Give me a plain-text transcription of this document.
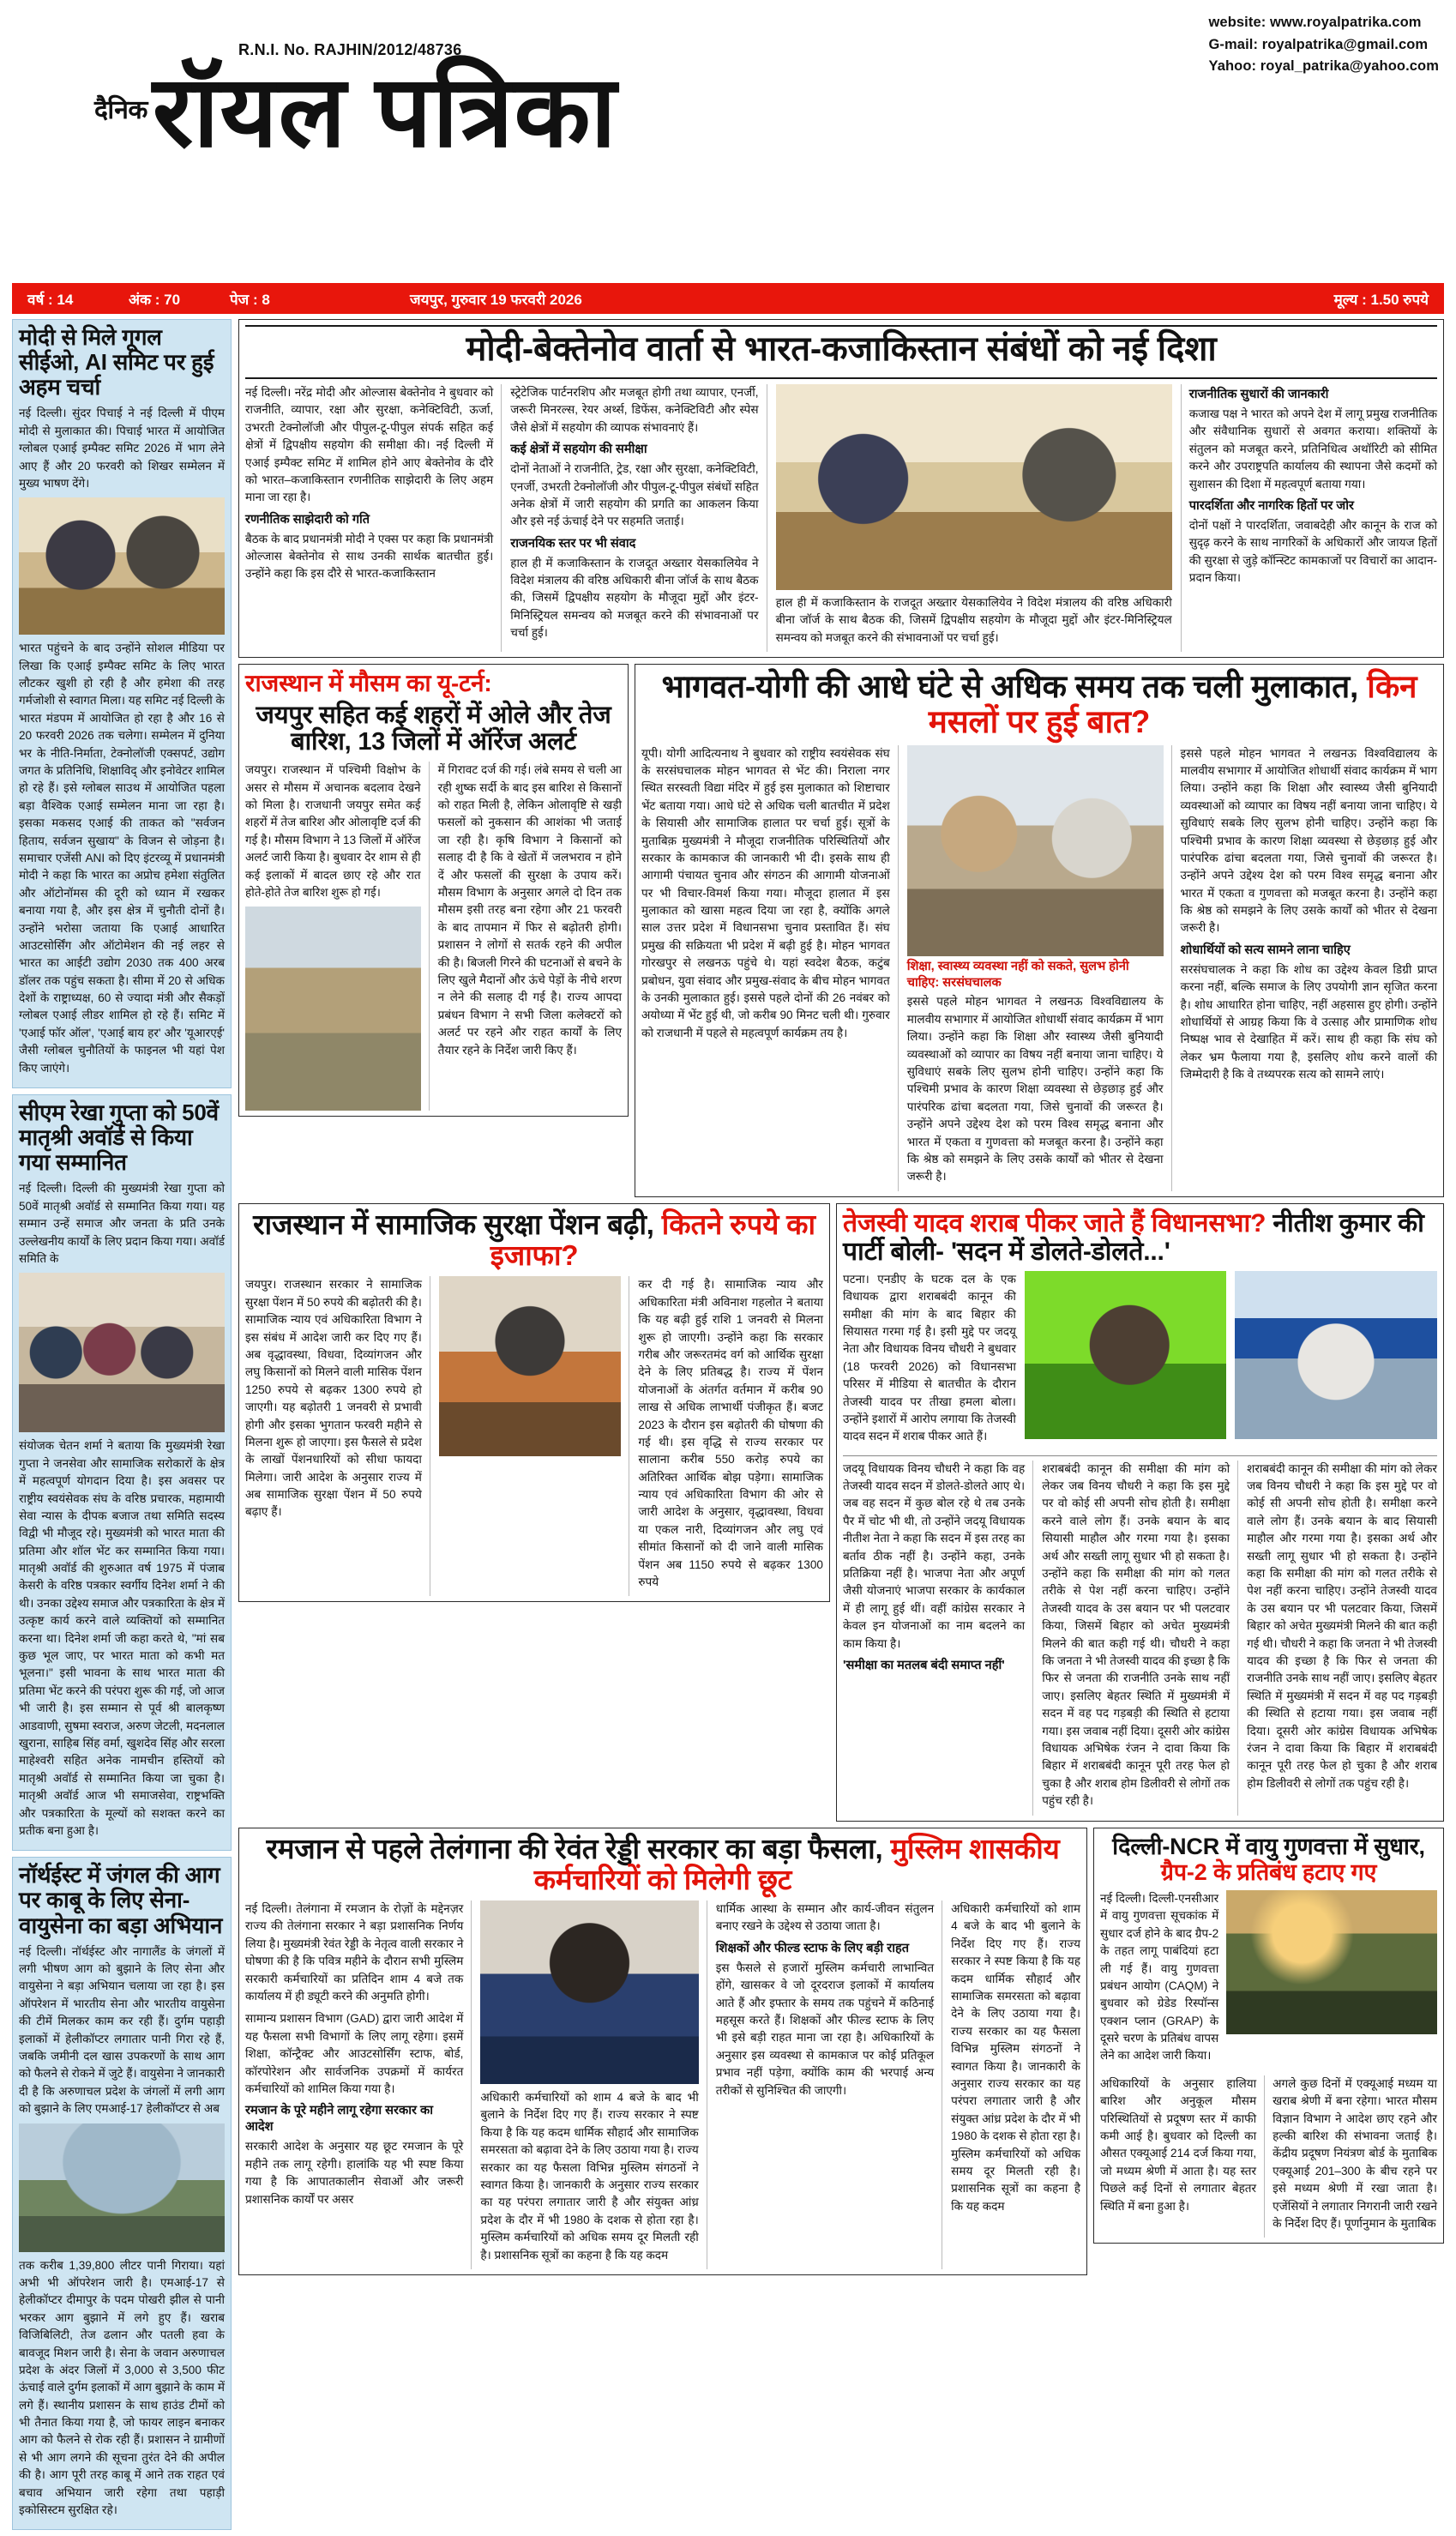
website: www.royalpatrika.com
G-mail: royalpatrika@gmail.com
Yahoo: royal_patrika@yahoo.com
R.N.I. No. RAJHIN/2012/48736
दैनिक रॉयल पत्रिका
वर्ष : 14	अंक : 70	पेज : 8	जयपुर, गुरुवार 19 फरवरी 2026	मूल्य : 1.50 रुपये
मोदी से मिले गूगल सीईओ, AI समिट पर हुई अहम चर्चा

नई दिल्ली। सुंदर पिचाई ने नई दिल्ली में पीएम मोदी से मुलाकात की। पिचाई भारत में आयोजित ग्लोबल एआई इम्पैक्ट समिट 2026 में भाग लेने आए हैं और 20 फरवरी को शिखर सम्मेलन में मुख्य भाषण देंगे।

भारत पहुंचने के बाद उन्होंने सोशल मीडिया पर लिखा कि एआई इम्पैक्ट समिट के लिए भारत लौटकर खुशी हो रही है और हमेशा की तरह गर्मजोशी से स्वागत मिला। यह समिट नई दिल्ली के भारत मंडपम में आयोजित हो रहा है और 16 से 20 फरवरी 2026 तक चलेगा। सम्मेलन में दुनिया भर के नीति-निर्माता, टेक्नोलॉजी एक्सपर्ट, उद्योग जगत के प्रतिनिधि, शिक्षाविद् और इनोवेटर शामिल हो रहे हैं। इसे ग्लोबल साउथ में आयोजित पहला बड़ा वैश्विक एआई सम्मेलन माना जा रहा है। इसका मकसद एआई की ताकत को "सर्वजन हिताय, सर्वजन सुखाय" के विजन से जोड़ना है। समाचार एजेंसी ANI को दिए इंटरव्यू में प्रधानमंत्री मोदी ने कहा कि भारत का अप्रोच हमेशा संतुलित और ऑटोनॉमस की दूरी को ध्यान में रखकर बनाया गया है, और इस क्षेत्र में चुनौती दोनों है। उन्होंने भरोसा जताया कि एआई आधारित आउटसोर्सिंग और ऑटोमेशन की नई लहर से भारत का आईटी उद्योग 2030 तक 400 अरब डॉलर तक पहुंच सकता है। सीमा में 20 से अधिक देशों के राष्ट्राध्यक्ष, 60 से ज्यादा मंत्री और सैकड़ों ग्लोबल एआई लीडर शामिल हो रहे हैं। समिट में 'एआई फॉर ऑल', 'एआई बाय हर' और 'यूआरएई' जैसी ग्लोबल चुनौतियों के फाइनल भी यहां पेश किए जाएंगे।

सीएम रेखा गुप्ता को 50वें मातृश्री अवॉर्ड से किया गया सम्मानित

नई दिल्ली। दिल्ली की मुख्यमंत्री रेखा गुप्ता को 50वें मातृश्री अवॉर्ड से सम्मानित किया गया। यह सम्मान उन्हें समाज और जनता के प्रति उनके उल्लेखनीय कार्यों के लिए प्रदान किया गया। अवॉर्ड समिति के

संयोजक चेतन शर्मा ने बताया कि मुख्यमंत्री रेखा गुप्ता ने जनसेवा और सामाजिक सरोकारों के क्षेत्र में महत्वपूर्ण योगदान दिया है। इस अवसर पर राष्ट्रीय स्वयंसेवक संघ के वरिष्ठ प्रचारक, महामायी सेवा न्यास के दीपक बजाज तथा समिति सदस्य विद्वी भी मौजूद रहे। मुख्यमंत्री को भारत माता की प्रतिमा और शॉल भेंट कर सम्मानित किया गया। मातृश्री अवॉर्ड की शुरुआत वर्ष 1975 में पंजाब केसरी के वरिष्ठ पत्रकार स्वर्गीय दिनेश शर्मा ने की थी। उनका उद्देश्य समाज और पत्रकारिता के क्षेत्र में उत्कृष्ट कार्य करने वाले व्यक्तियों को सम्मानित करना था। दिनेश शर्मा जी कहा करते थे, "मां सब कुछ भूल जाए, पर भारत माता को कभी मत भूलना।" इसी भावना के साथ भारत माता की प्रतिमा भेंट करने की परंपरा शुरू की गई, जो आज भी जारी है। इस सम्मान से पूर्व श्री बालकृष्ण आडवाणी, सुषमा स्वराज, अरुण जेटली, मदनलाल खुराना, साहिब सिंह वर्मा, खुशदेव सिंह और सरला माहेश्वरी सहित अनेक नामचीन हस्तियों को मातृश्री अवॉर्ड से सम्मानित किया जा चुका है। मातृश्री अवॉर्ड आज भी समाजसेवा, राष्ट्रभक्ति और पत्रकारिता के मूल्यों को सशक्त करने का प्रतीक बना हुआ है।

नॉर्थईस्ट में जंगल की आग पर काबू के लिए सेना-वायुसेना का बड़ा अभियान

नई दिल्ली। नॉर्थईस्ट और नागालैंड के जंगलों में लगी भीषण आग को बुझाने के लिए सेना और वायुसेना ने बड़ा अभियान चलाया जा रहा है। इस ऑपरेशन में भारतीय सेना और भारतीय वायुसेना की टीमें मिलकर काम कर रही हैं। दुर्गम पहाड़ी इलाकों में हेलीकॉप्टर लगातार पानी गिरा रहे हैं, जबकि जमीनी दल खास उपकरणों के साथ आग को फैलने से रोकने में जुटे हैं। वायुसेना ने जानकारी दी है कि अरुणाचल प्रदेश के जंगलों में लगी आग को बुझाने के लिए एमआई-17 हेलीकॉप्टर से अब

तक करीब 1,39,800 लीटर पानी गिराया। यहां अभी भी ऑपरेशन जारी है। एमआई-17 से हेलीकॉप्टर दीमापुर के पदम पोखरी झील से पानी भरकर आग बुझाने में लगे हुए हैं। खराब विजिबिलिटी, तेज ढलान और पतली हवा के बावजूद मिशन जारी है। सेना के जवान अरुणाचल प्रदेश के अंदर जिलों में 3,000 से 3,500 फीट ऊंचाई वाले दुर्गम इलाकों में आग बुझाने के काम में लगे हैं। स्थानीय प्रशासन के साथ हाउंड टीमों को भी तैनात किया गया है, जो फायर लाइन बनाकर आग को फैलने से रोक रही हैं। प्रशासन ने ग्रामीणों से भी आग लगने की सूचना तुरंत देने की अपील की है। आग पूरी तरह काबू में आने तक राहत एवं बचाव अभियान जारी रहेगा तथा पहाड़ी इकोसिस्टम सुरक्षित रहे।

मोदी-बेक्तेनोव वार्ता से भारत-कजाकिस्तान संबंधों को नई दिशा

नई दिल्ली। नरेंद्र मोदी और ओल्जास बेक्तेनोव ने बुधवार को राजनीति, व्यापार, रक्षा और सुरक्षा, कनेक्टिविटी, ऊर्जा, उभरती टेक्नोलॉजी और पीपुल-टू-पीपुल संपर्क सहित कई क्षेत्रों में द्विपक्षीय सहयोग की समीक्षा की। नई दिल्ली में एआई इम्पैक्ट समिट में शामिल होने आए बेक्तेनोव के दौरे को भारत–कजाकिस्तान रणनीतिक साझेदारी के लिए अहम माना जा रहा है।

रणनीतिक साझेदारी को गति

बैठक के बाद प्रधानमंत्री मोदी ने एक्स पर कहा कि प्रधानमंत्री ओल्जास बेक्तेनोव से साथ उनकी सार्थक बातचीत हुई। उन्होंने कहा कि इस दौरे से भारत-कजाकिस्तान

स्ट्रेटेजिक पार्टनरशिप और मजबूत होगी तथा व्यापार, एनर्जी, जरूरी मिनरल्स, रेयर अर्थ्स, डिफेंस, कनेक्टिविटी और स्पेस जैसे क्षेत्रों में सहयोग की व्यापक संभावनाएं हैं।

कई क्षेत्रों में सहयोग की समीक्षा

दोनों नेताओं ने राजनीति, ट्रेड, रक्षा और सुरक्षा, कनेक्टिविटी, एनर्जी, उभरती टेक्नोलॉजी और पीपुल-टू-पीपुल संबंधों सहित अनेक क्षेत्रों में जारी सहयोग की प्रगति का आकलन किया और इसे नई ऊंचाई देने पर सहमति जताई।

राजनयिक स्तर पर भी संवाद

हाल ही में कजाकिस्तान के राजदूत अख्तार येसकालियेव ने विदेश मंत्रालय की वरिष्ठ अधिकारी बीना जॉर्ज के साथ बैठक की, जिसमें द्विपक्षीय सहयोग के मौजूदा मुद्दों और इंटर-मिनिस्ट्रियल समन्वय को मजबूत करने की संभावनाओं पर चर्चा हुई।

हाल ही में कजाकिस्तान के राजदूत अख्तार येसकालियेव ने विदेश मंत्रालय की वरिष्ठ अधिकारी बीना जॉर्ज के साथ बैठक की, जिसमें द्विपक्षीय सहयोग के मौजूदा मुद्दों और इंटर-मिनिस्ट्रियल समन्वय को मजबूत करने की संभावनाओं पर चर्चा हुई।

राजनीतिक सुधारों की जानकारी

कजाख पक्ष ने भारत को अपने देश में लागू प्रमुख राजनीतिक और संवैधानिक सुधारों से अवगत कराया। शक्तियों के संतुलन को मजबूत करने, प्रतिनिधित्व अथॉरिटी को सीमित करने और उपराष्ट्रपति कार्यालय की स्थापना जैसे कदमों को सुशासन की दिशा में महत्वपूर्ण बताया गया।

पारदर्शिता और नागरिक हितों पर जोर

दोनों पक्षों ने पारदर्शिता, जवाबदेही और कानून के राज को सुदृढ़ करने के साथ नागरिकों के अधिकारों और जायज हितों की सुरक्षा से जुड़े कॉन्स्टिट कामकाजों पर विचारों का आदान-प्रदान किया।

राजस्थान में मौसम का यू-टर्न:
जयपुर सहित कई शहरों में ओले और तेज बारिश, 13 जिलों में ऑरेंज अलर्ट

जयपुर। राजस्थान में पश्चिमी विक्षोभ के असर से मौसम में अचानक बदलाव देखने को मिला है। राजधानी जयपुर समेत कई शहरों में तेज बारिश और ओलावृष्टि दर्ज की गई है। मौसम विभाग ने 13 जिलों में ऑरेंज अलर्ट जारी किया है। बुधवार देर शाम से ही कई इलाकों में बादल छाए रहे और रात होते-होते तेज बारिश शुरू हो गई।

में गिरावट दर्ज की गई। लंबे समय से चली आ रही शुष्क सर्दी के बाद इस बारिश से किसानों को राहत मिली है, लेकिन ओलावृष्टि से खड़ी फसलों को नुकसान की आशंका भी जताई जा रही है। कृषि विभाग ने किसानों को सलाह दी है कि वे खेतों में जलभराव न होने दें और फसलों की सुरक्षा के उपाय करें। मौसम विभाग के अनुसार अगले दो दिन तक मौसम इसी तरह बना रहेगा और 21 फरवरी के बाद तापमान में फिर से बढ़ोतरी होगी। प्रशासन ने लोगों से सतर्क रहने की अपील की है। बिजली गिरने की घटनाओं से बचने के लिए खुले मैदानों और ऊंचे पेड़ों के नीचे शरण न लेने की सलाह दी गई है। राज्य आपदा प्रबंधन विभाग ने सभी जिला कलेक्टरों को अलर्ट पर रहने और राहत कार्यों के लिए तैयार रहने के निर्देश जारी किए हैं।

भागवत-योगी की आधे घंटे से अधिक समय तक चली मुलाकात, किन मसलों पर हुई बात?

यूपी। योगी आदित्यनाथ ने बुधवार को राष्ट्रीय स्वयंसेवक संघ के सरसंघचालक मोहन भागवत से भेंट की। निराला नगर स्थित सरस्वती विद्या मंदिर में हुई इस मुलाकात को शिष्टाचार भेंट बताया गया। आधे घंटे से अधिक चली बातचीत में प्रदेश के सियासी और सामाजिक हालात पर चर्चा हुई। सूत्रों के मुताबिक़ मुख्यमंत्री ने मौजूदा राजनीतिक परिस्थितियों और सरकार के कामकाज की जानकारी भी दी। इसके साथ ही आगामी पंचायत चुनाव और संगठन की आगामी योजनाओं पर भी विचार-विमर्श किया गया। मौजूदा हालात में इस मुलाकात को खासा महत्व दिया जा रहा है, क्योंकि अगले साल उत्तर प्रदेश में विधानसभा चुनाव प्रस्तावित हैं। संघ प्रमुख की सक्रियता भी प्रदेश में बढ़ी हुई है। मोहन भागवत गोरखपुर से लखनऊ पहुंचे थे। यहां स्वदेश बैठक, कटुंब प्रबोधन, युवा संवाद और प्रमुख-संवाद के बीच मोहन भागवत के उनकी मुलाकात हुई। इससे पहले दोनों की 26 नवंबर को अयोध्या में भेंट हुई थी, जो करीब 90 मिनट चली थी। गुरुवार को राजधानी में पहले से महत्वपूर्ण कार्यक्रम तय है।

शिक्षा, स्वास्थ्य व्यवस्था नहीं को सकते, सुलभ होनी चाहिए: सरसंघचालक

इससे पहले मोहन भागवत ने लखनऊ विश्वविद्यालय के मालवीय सभागार में आयोजित शोधार्थी संवाद कार्यक्रम में भाग लिया। उन्होंने कहा कि शिक्षा और स्वास्थ्य जैसी बुनियादी व्यवस्थाओं को व्यापार का विषय नहीं बनाया जाना चाहिए। ये सुविधाएं सबके लिए सुलभ होनी चाहिए। उन्होंने कहा कि पश्चिमी प्रभाव के कारण शिक्षा व्यवस्था से छेड़छाड़ हुई और पारंपरिक ढांचा बदलता गया, जिसे चुनावों की जरूरत है। उन्होंने अपने उद्देश्य देश को परम विश्व समृद्ध बनाना और भारत में एकता व गुणवत्ता को मजबूत करना है। उन्होंने कहा कि श्रेष्ठ को समझने के लिए उसके कार्यों को भीतर से देखना जरूरी है।

इससे पहले मोहन भागवत ने लखनऊ विश्वविद्यालय के मालवीय सभागार में आयोजित शोधार्थी संवाद कार्यक्रम में भाग लिया। उन्होंने कहा कि शिक्षा और स्वास्थ्य जैसी बुनियादी व्यवस्थाओं को व्यापार का विषय नहीं बनाया जाना चाहिए। ये सुविधाएं सबके लिए सुलभ होनी चाहिए। उन्होंने कहा कि पश्चिमी प्रभाव के कारण शिक्षा व्यवस्था से छेड़छाड़ हुई और पारंपरिक ढांचा बदलता गया, जिसे चुनावों की जरूरत है। उन्होंने अपने उद्देश्य देश को परम विश्व समृद्ध बनाना और भारत में एकता व गुणवत्ता को मजबूत करना है। उन्होंने कहा कि श्रेष्ठ को समझने के लिए उसके कार्यों को भीतर से देखना जरूरी है।

शोधार्थियों को सत्य सामने लाना चाहिए

सरसंघचालक ने कहा कि शोध का उद्देश्य केवल डिग्री प्राप्त करना नहीं, बल्कि समाज के लिए उपयोगी ज्ञान सृजित करना है। शोध आधारित होना चाहिए, नहीं अहसास हुए होगी। उन्होंने शोधार्थियों से आग्रह किया कि वे उत्साह और प्रामाणिक शोध निष्पक्ष भाव से देखाहित में करें। साथ ही कहा कि संघ को लेकर भ्रम फैलाया गया है, इसलिए शोध करने वालों की जिम्मेदारी है कि वे तथ्यपरक सत्य को सामने लाएं।

राजस्थान में सामाजिक सुरक्षा पेंशन बढ़ी, कितने रुपये का इजाफा?

जयपुर। राजस्थान सरकार ने सामाजिक सुरक्षा पेंशन में 50 रुपये की बढ़ोतरी की है। सामाजिक न्याय एवं अधिकारिता विभाग ने इस संबंध में आदेश जारी कर दिए गए हैं। अब वृद्धावस्था, विधवा, दिव्यांगजन और लघु किसानों को मिलने वाली मासिक पेंशन 1250 रुपये से बढ़कर 1300 रुपये हो जाएगी। यह बढ़ोतरी 1 जनवरी से प्रभावी होगी और इसका भुगतान फरवरी महीने से मिलना शुरू हो जाएगा। इस फैसले से प्रदेश के लाखों पेंशनधारियों को सीधा फायदा मिलेगा। जारी आदेश के अनुसार राज्य में अब सामाजिक सुरक्षा पेंशन में 50 रुपये बढ़ाए हैं।

कर दी गई है। सामाजिक न्याय और अधिकारिता मंत्री अविनाश गहलोत ने बताया कि यह बढ़ी हुई राशि 1 जनवरी से मिलना शुरू हो जाएगी। उन्होंने कहा कि सरकार गरीब और जरूरतमंद वर्ग को आर्थिक सुरक्षा देने के लिए प्रतिबद्ध है। राज्य में पेंशन योजनाओं के अंतर्गत वर्तमान में करीब 90 लाख से अधिक लाभार्थी पंजीकृत हैं। बजट 2023 के दौरान इस बढ़ोतरी की घोषणा की गई थी। इस वृद्धि से राज्य सरकार पर सालाना करीब 550 करोड़ रुपये का अतिरिक्त आर्थिक बोझ पड़ेगा। सामाजिक न्याय एवं अधिकारिता विभाग की ओर से जारी आदेश के अनुसार, वृद्धावस्था, विधवा या एकल नारी, दिव्यांगजन और लघु एवं सीमांत किसानों को दी जाने वाली मासिक पेंशन अब 1150 रुपये से बढ़कर 1300 रुपये

तेजस्वी यादव शराब पीकर जाते हैं विधानसभा? नीतीश कुमार की पार्टी बोली- 'सदन में डोलते-डोलते...'

पटना। एनडीए के घटक दल के एक विधायक द्वारा शराबबंदी कानून की समीक्षा की मांग के बाद बिहार की सियासत गरमा गई है। इसी मुद्दे पर जदयू नेता और विधायक विनय चौधरी ने बुधवार (18 फरवरी 2026) को विधानसभा परिसर में मीडिया से बातचीत के दौरान तेजस्वी यादव पर तीखा हमला बोला। उन्होंने इशारों में आरोप लगाया कि तेजस्वी यादव सदन में शराब पीकर आते हैं।

जदयू विधायक विनय चौधरी ने कहा कि वह तेजस्वी यादव सदन में डोलते-डोलते आए थे। जब वह सदन में कुछ बोल रहे थे तब उनके पैर में चोट भी थी, तो उन्होंने जदयू विधायक नीतीश नेता ने कहा कि सदन में इस तरह का बर्ताव ठीक नहीं है। उन्होंने कहा, उनके प्रतिक्रिया नहीं है। भाजपा नेता और अपूर्ण जैसी योजनाएं भाजपा सरकार के कार्यकाल में ही लागू हुई थीं। वहीं कांग्रेस सरकार ने केवल इन योजनाओं का नाम बदलने का काम किया है।

'समीक्षा का मतलब बंदी समाप्त नहीं'

शराबबंदी कानून की समीक्षा की मांग को लेकर जब विनय चौधरी ने कहा कि इस मुद्दे पर वो कोई सी अपनी सोच होती है। समीक्षा करने वाले लोग हैं। उनके बयान के बाद सियासी माहौल और गरमा गया है। इसका अर्थ और सख्ती लागू सुधार भी हो सकता है। उन्होंने कहा कि समीक्षा की मांग को गलत तरीके से पेश नहीं करना चाहिए। उन्होंने तेजस्वी यादव के उस बयान पर भी पलटवार किया, जिसमें बिहार को अचेत मुख्यमंत्री मिलने की बात कही गई थी। चौधरी ने कहा कि जनता ने भी तेजस्वी यादव की इच्छा है कि फिर से जनता की राजनीति उनके साथ नहीं जाए। इसलिए बेहतर स्थिति में मुख्यमंत्री में सदन में वह पद गड़बड़ी की स्थिति से हटाया गया। इस जवाब नहीं दिया। दूसरी ओर कांग्रेस विधायक अभिषेक रंजन ने दावा किया कि बिहार में शराबबंदी कानून पूरी तरह फेल हो चुका है और शराब होम डिलीवरी से लोगों तक पहुंच रही है।

शराबबंदी कानून की समीक्षा की मांग को लेकर जब विनय चौधरी ने कहा कि इस मुद्दे पर वो कोई सी अपनी सोच होती है। समीक्षा करने वाले लोग हैं। उनके बयान के बाद सियासी माहौल और गरमा गया है। इसका अर्थ और सख्ती लागू सुधार भी हो सकता है। उन्होंने कहा कि समीक्षा की मांग को गलत तरीके से पेश नहीं करना चाहिए। उन्होंने तेजस्वी यादव के उस बयान पर भी पलटवार किया, जिसमें बिहार को अचेत मुख्यमंत्री मिलने की बात कही गई थी। चौधरी ने कहा कि जनता ने भी तेजस्वी यादव की इच्छा है कि फिर से जनता की राजनीति उनके साथ नहीं जाए। इसलिए बेहतर स्थिति में मुख्यमंत्री में सदन में वह पद गड़बड़ी की स्थिति से हटाया गया। इस जवाब नहीं दिया। दूसरी ओर कांग्रेस विधायक अभिषेक रंजन ने दावा किया कि बिहार में शराबबंदी कानून पूरी तरह फेल हो चुका है और शराब होम डिलीवरी से लोगों तक पहुंच रही है।

रमजान से पहले तेलंगाना की रेवंत रेड्डी सरकार का बड़ा फैसला, मुस्लिम शासकीय कर्मचारियों को मिलेगी छूट

नई दिल्ली। तेलंगाना में रमजान के रोज़ों के मद्देनज़र राज्य की तेलंगाना सरकार ने बड़ा प्रशासनिक निर्णय लिया है। मुख्यमंत्री रेवंत रेड्डी के नेतृत्व वाली सरकार ने घोषणा की है कि पवित्र महीने के दौरान सभी मुस्लिम सरकारी कर्मचारियों का प्रतिदिन शाम 4 बजे तक कार्यालय में ही ड्यूटी करने की अनुमति होगी।

सामान्य प्रशासन विभाग (GAD) द्वारा जारी आदेश में यह फैसला सभी विभागों के लिए लागू रहेगा। इसमें शिक्षा, कॉन्ट्रैक्ट और आउटसोर्सिंग स्टाफ, बोर्ड, कॉरपोरेशन और सार्वजनिक उपक्रमों में कार्यरत कर्मचारियों को शामिल किया गया है।

रमजान के पूरे महीने लागू रहेगा सरकार का आदेश

सरकारी आदेश के अनुसार यह छूट रमजान के पूरे महीने तक लागू रहेगी। हालांकि यह भी स्पष्ट किया गया है कि आपातकालीन सेवाओं और जरूरी प्रशासनिक कार्यों पर असर

अधिकारी कर्मचारियों को शाम 4 बजे के बाद भी बुलाने के निर्देश दिए गए हैं। राज्य सरकार ने स्पष्ट किया है कि यह कदम धार्मिक सौहार्द और सामाजिक समरसता को बढ़ावा देने के लिए उठाया गया है। राज्य सरकार का यह फैसला विभिन्न मुस्लिम संगठनों ने स्वागत किया है। जानकारी के अनुसार राज्य सरकार का यह परंपरा लगातार जारी है और संयुक्त आंध्र प्रदेश के दौर में भी 1980 के दशक से होता रहा है। मुस्लिम कर्मचारियों को अधिक समय दूर मिलती रही है। प्रशासनिक सूत्रों का कहना है कि यह कदम

धार्मिक आस्था के सम्मान और कार्य-जीवन संतुलन बनाए रखने के उद्देश्य से उठाया जाता है।

शिक्षकों और फील्ड स्टाफ के लिए बड़ी राहत

इस फैसले से हजारों मुस्लिम कर्मचारी लाभान्वित होंगे, खासकर वे जो दूरदराज इलाकों में कार्यालय आते हैं और इफ्तार के समय तक पहुंचने में कठिनाई महसूस करते हैं। शिक्षकों और फील्ड स्टाफ के लिए भी इसे बड़ी राहत माना जा रहा है। अधिकारियों के अनुसार इस व्यवस्था से कामकाज पर कोई प्रतिकूल प्रभाव नहीं पड़ेगा, क्योंकि काम की भरपाई अन्य तरीकों से सुनिश्चित की जाएगी।

अधिकारी कर्मचारियों को शाम 4 बजे के बाद भी बुलाने के निर्देश दिए गए हैं। राज्य सरकार ने स्पष्ट किया है कि यह कदम धार्मिक सौहार्द और सामाजिक समरसता को बढ़ावा देने के लिए उठाया गया है। राज्य सरकार का यह फैसला विभिन्न मुस्लिम संगठनों ने स्वागत किया है। जानकारी के अनुसार राज्य सरकार का यह परंपरा लगातार जारी है और संयुक्त आंध्र प्रदेश के दौर में भी 1980 के दशक से होता रहा है। मुस्लिम कर्मचारियों को अधिक समय दूर मिलती रही है। प्रशासनिक सूत्रों का कहना है कि यह कदम

दिल्ली-NCR में वायु गुणवत्ता में सुधार, ग्रैप-2 के प्रतिबंध हटाए गए

नई दिल्ली। दिल्ली-एनसीआर में वायु गुणवत्ता सूचकांक में सुधार दर्ज होने के बाद ग्रैप-2 के तहत लागू पाबंदियां हटा ली गई हैं। वायु गुणवत्ता प्रबंधन आयोग (CAQM) ने बुधवार को ग्रेडेड रिस्पॉन्स एक्शन प्लान (GRAP) के दूसरे चरण के प्रतिबंध वापस लेने का आदेश जारी किया।

अधिकारियों के अनुसार हालिया बारिश और अनुकूल मौसम परिस्थितियों से प्रदूषण स्तर में काफी कमी आई है। बुधवार को दिल्ली का औसत एक्यूआई 214 दर्ज किया गया, जो मध्यम श्रेणी में आता है। यह स्तर पिछले कई दिनों से लगातार बेहतर स्थिति में बना हुआ है।

अगले कुछ दिनों में एक्यूआई मध्यम या खराब श्रेणी में बना रहेगा। भारत मौसम विज्ञान विभाग ने आदेश छाए रहने और हल्की बारिश की संभावना जताई है। केंद्रीय प्रदूषण नियंत्रण बोर्ड के मुताबिक एक्यूआई 201–300 के बीच रहने पर इसे मध्यम श्रेणी में रखा जाता है। एजेंसियों ने लगातार निगरानी जारी रखने के निर्देश दिए हैं। पूर्णानुमान के मुताबिक
